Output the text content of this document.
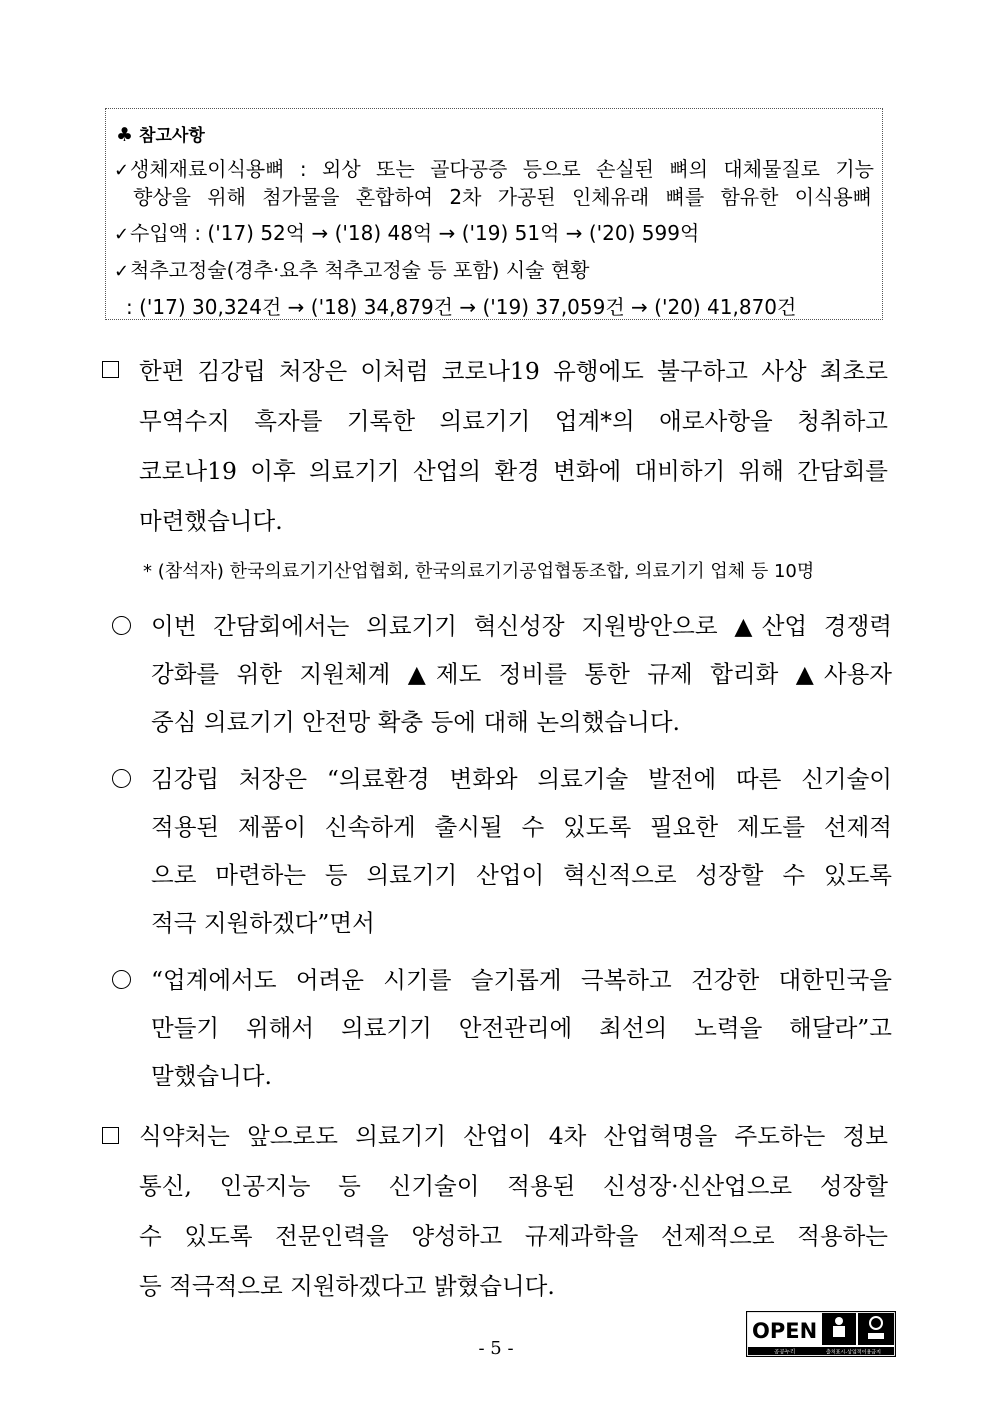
♣ 참고사항
✓생체재료이식용뼈 : 외상 또는 골다공증 등으로 손실된 뼈의 대체물질로 기능
향상을 위해 첨가물을 혼합하여 2차 가공된 인체유래 뼈를 함유한 이식용뼈
✓수입액 : ('17) 52억 → ('18) 48억 → ('19) 51억 → ('20) 599억
✓척추고정술(경추·요추 척추고정술 등 포함) 시술 현황
: ('17) 30,324건 → ('18) 34,879건 → ('19) 37,059건 → ('20) 41,870건
한편 김강립 처장은 이처럼 코로나19 유행에도 불구하고 사상 최초로
무역수지 흑자를 기록한 의료기기 업계*의 애로사항을 청취하고
코로나19 이후 의료기기 산업의 환경 변화에 대비하기 위해 간담회를
마련했습니다.
* (참석자) 한국의료기기산업협회, 한국의료기기공업협동조합, 의료기기 업체 등 10명
이번 간담회에서는 의료기기 혁신성장 지원방안으로 ▲산업 경쟁력
강화를 위한 지원체계 ▲제도 정비를 통한 규제 합리화 ▲사용자
중심 의료기기 안전망 확충 등에 대해 논의했습니다.
김강립 처장은 “의료환경 변화와 의료기술 발전에 따른 신기술이
적용된 제품이 신속하게 출시될 수 있도록 필요한 제도를 선제적
으로 마련하는 등 의료기기 산업이 혁신적으로 성장할 수 있도록
적극 지원하겠다”면서
“업계에서도 어려운 시기를 슬기롭게 극복하고 건강한 대한민국을
만들기 위해서 의료기기 안전관리에 최선의 노력을 해달라”고
말했습니다.
식약처는 앞으로도 의료기기 산업이 4차 산업혁명을 주도하는 정보
통신, 인공지능 등 신기술이 적용된 신성장·신산업으로 성장할
수 있도록 전문인력을 양성하고 규제과학을 선제적으로 적용하는
등 적극적으로 지원하겠다고 밝혔습니다.
OPEN
공공누리	출처표시-상업적이용금지
- 5 -
